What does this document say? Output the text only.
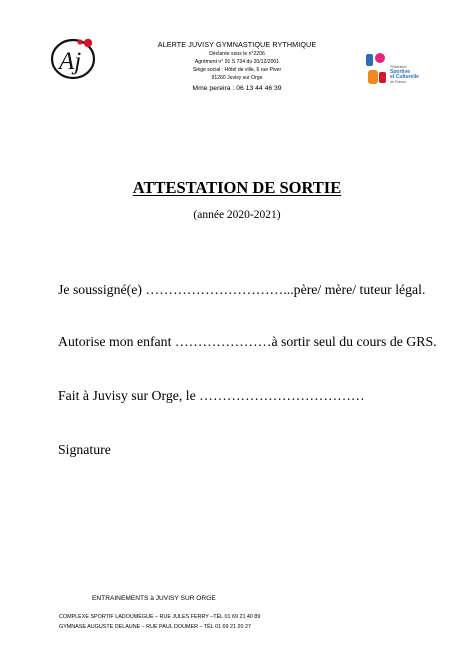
Aj	Fédération
Sportive
et Culturelle
de France
ALERTE JUVISY GYMNASTIQUE RYTHMIQUE
Déclarée sous le n°2206
Agrément n° 91 S 734 du 20/12/2001
Siège social : Hôtel de ville, 6 rue Piver
91260 Juvisy sur Orge
Mme pereira : 06 13 44 46 39
ATTESTATION DE SORTIE
(année 2020-2021)
Je soussigné(e) …………………………...père/ mère/ tuteur légal.
Autorise mon enfant …………………à sortir seul du cours de GRS.
Fait à Juvisy sur Orge, le ………………………………
Signature
ENTRAINEMENTS à JUVISY SUR ORGE
COMPLEXE SPORTIF LADOUMÈGUE – RUE JULES FERRY –TÉL 01 69 21 40 89
GYMNASE AUGUSTE DELAUNE – RUE PAUL DOUMER – TÉL 01 69 21 20 27
